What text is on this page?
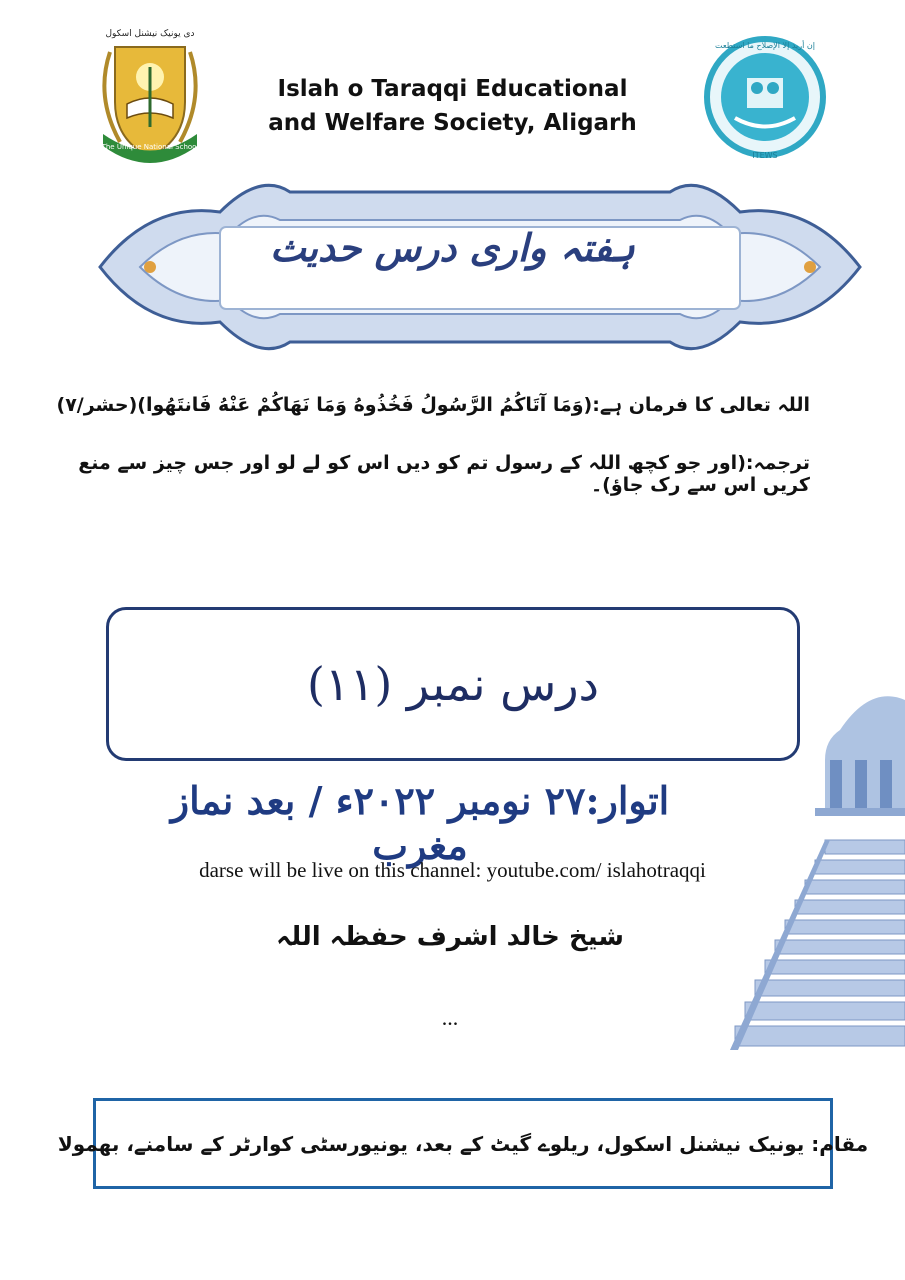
The Unique National School
دی یونیک نیشنل اسکول
Islah o Taraqqi Educational and Welfare Society, Aligarh
إن أريد إلا الإصلاح ما استطعت
ITEWS
ہفتہ واری درس حدیث
اللہ تعالی کا فرمان ہے:(وَمَا آتَاكُمُ الرَّسُولُ فَخُذُوهُ وَمَا نَهَاكُمْ عَنْهُ فَانتَهُوا)(حشر/۷)
ترجمہ:(اور جو کچھ اللہ کے رسول تم کو دیں اس کو لے لو اور جس چیز سے منع کریں اس سے رک جاؤ)۔
درس نمبر (۱۱)
اتوار:۲۷ نومبر ۲۰۲۲ء / بعد نماز مغرب
darse will be live on this channel: youtube.com/ islahotraqqi
شیخ خالد اشرف حفظہ اللہ
...
مقام: یونیک نیشنل اسکول، ریلوے گیٹ کے بعد، یونیورسٹی کوارٹر کے سامنے، بھمولا
